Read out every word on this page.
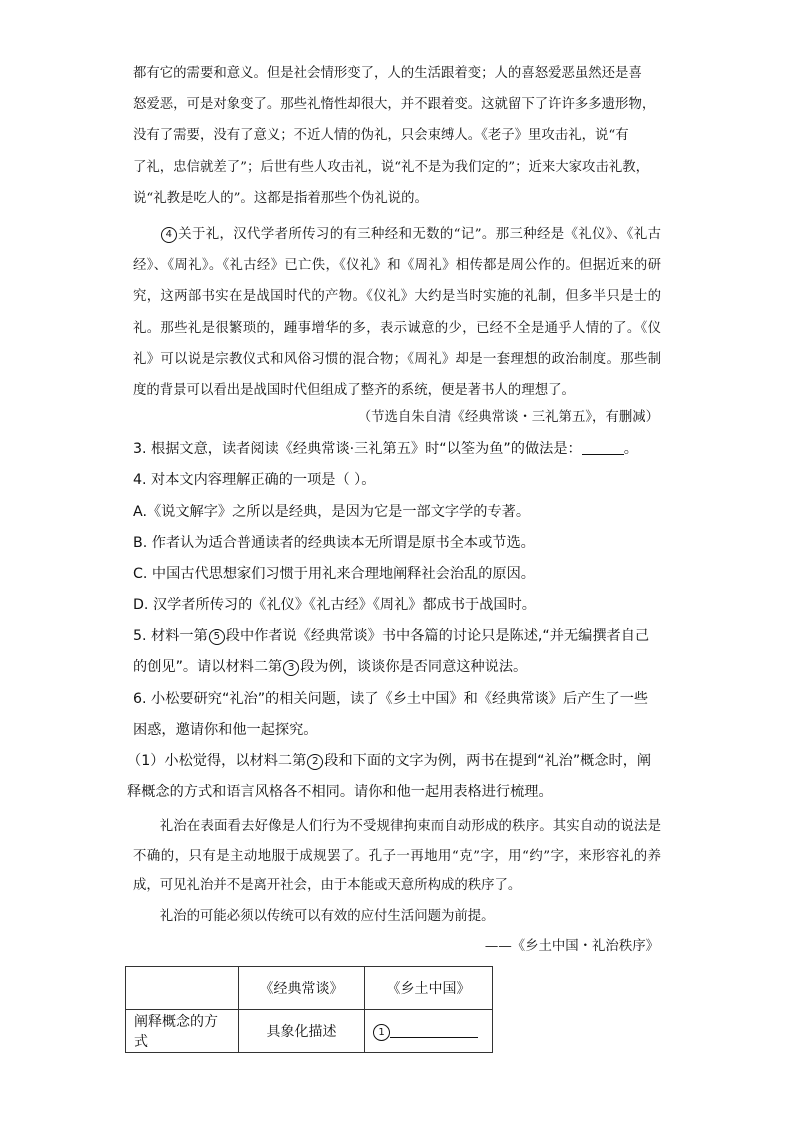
都有它的需要和意义。但是社会情形变了，人的生活跟着变；人的喜怒爱恶虽然还是喜
怒爱恶，可是对象变了。那些礼惰性却很大，并不跟着变。这就留下了许许多多遗形物，
没有了需要，没有了意义；不近人情的伪礼，只会束缚人。《老子》里攻击礼，说“有
了礼，忠信就差了”；后世有些人攻击礼，说“礼不是为我们定的”；近来大家攻击礼教，
说“礼教是吃人的”。这都是指着那些个伪礼说的。

4 关于礼，汉代学者所传习的有三种经和无数的“记”。那三种经是《礼仪》、《礼古经》、《周礼》。《礼古经》已亡佚，《仪礼》和《周礼》相传都是周公作的。但据近来的研究，这两部书实在是战国时代的产物。《仪礼》大约是当时实施的礼制，但多半只是士的礼。那些礼是很繁琐的，踵事增华的多，表示诚意的少，已经不全是通乎人情的了。《仪礼》可以说是宗教仪式和风俗习惯的混合物；《周礼》却是一套理想的政治制度。那些制度的背景可以看出是战国时代但组成了整齐的系统，便是著书人的理想了。

（节选自朱自清《经典常谈・三礼第五》，有删减）
3. 根据文意，读者阅读《经典常谈·三礼第五》时“以筌为鱼”的做法是：	。
4. 对本文内容理解正确的一项是（ ）。
A.《说文解字》之所以是经典，是因为它是一部文字学的专著。
B. 作者认为适合普通读者的经典读本无所谓是原书全本或节选。
C. 中国古代思想家们习惯于用礼来合理地阐释社会治乱的原因。
D. 汉学者所传习的《礼仪》《礼古经》《周礼》都成书于战国时。
5. 材料一第 5 段中作者说《经典常谈》书中各篇的讨论只是陈述,“并无编撰者自己的创见”。请以材料二第 3 段为例，谈谈你是否同意这种说法。
6. 小松要研究“礼治”的相关问题，读了《乡土中国》和《经典常谈》后产生了一些困惑，邀请你和他一起探究。
（1）小松觉得，以材料二第 2 段和下面的文字为例，两书在提到“礼治”概念时，阐释概念的方式和语言风格各不相同。请你和他一起用表格进行梳理。

礼治在表面看去好像是人们行为不受规律拘束而自动形成的秩序。其实自动的说法是不确的，只有是主动地服于成规罢了。孔子一再地用“克”字，用“约”字，来形容礼的养成，可见礼治并不是离开社会，由于本能或天意所构成的秩序了。

礼治的可能必须以传统可以有效的应付生活问题为前提。

——《乡土中国・礼治秩序》
	《经典常谈》	《乡土中国》
阐释概念的方式	具象化描述	1
